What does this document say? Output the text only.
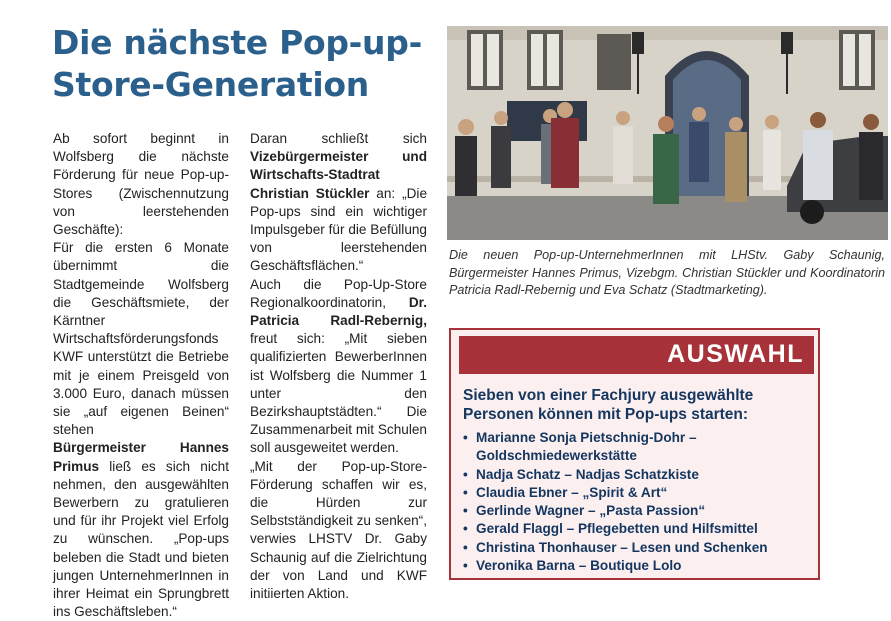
Die nächste Pop-up-Store-Generation

Ab sofort beginnt in Wolfsberg die nächste Förderung für neue Pop-up-Stores (Zwischennutzung von leerstehenden Geschäfte):

Für die ersten 6 Monate übernimmt die Stadtgemeinde Wolfsberg die Geschäftsmiete, der Kärntner Wirtschaftsförderungsfonds KWF unterstützt die Betriebe mit je einem Preisgeld von 3.000 Euro, danach müssen sie „auf eigenen Beinen“ stehen

Bürgermeister Hannes Primus ließ es sich nicht nehmen, den ausgewählten Bewerbern zu gratulieren und für ihr Projekt viel Erfolg zu wünschen. „Pop-ups beleben die Stadt und bieten jungen UnternehmerInnen in ihrer Heimat ein Sprungbrett ins Geschäftsleben.“

Daran schließt sich Vizebürgermeister und Wirtschafts-Stadtrat Christian Stückler an: „Die Pop-ups sind ein wichtiger Impulsgeber für die Befüllung von leerstehenden Geschäftsflächen.“

Auch die Pop-Up-Store Regionalkoordinatorin, Dr. Patricia Radl-Rebernig, freut sich: „Mit sieben qualifizierten BewerberInnen ist Wolfsberg die Nummer 1 unter den Bezirkshauptstädten.“ Die Zusammenarbeit mit Schulen soll ausgeweitet werden.

„Mit der Pop-up-Store-Förderung schaffen wir es, die Hürden zur Selbstständigkeit zu senken“, verwies LHSTV Dr. Gaby Schaunig auf die Zielrichtung der von Land und KWF initiierten Aktion.

Die neuen Pop-up-UnternehmerInnen mit LHStv. Gaby Schaunig, Bürgermeister Hannes Primus, Vizebgm. Christian Stückler und Koordinatorin Patricia Radl-Rebernig und Eva Schatz (Stadtmarketing).
AUSWAHL

Sieben von einer Fachjury ausgewählte Personen können mit Pop-ups starten:

• Marianne Sonja Pietschnig-Dohr – Goldschmiedewerkstätte
• Nadja Schatz – Nadjas Schatzkiste
• Claudia Ebner – „Spirit & Art“
• Gerlinde Wagner – „Pasta Passion“
• Gerald Flaggl – Pflegebetten und Hilfsmittel
• Christina Thonhauser – Lesen und Schenken
• Veronika Barna – Boutique Lolo
